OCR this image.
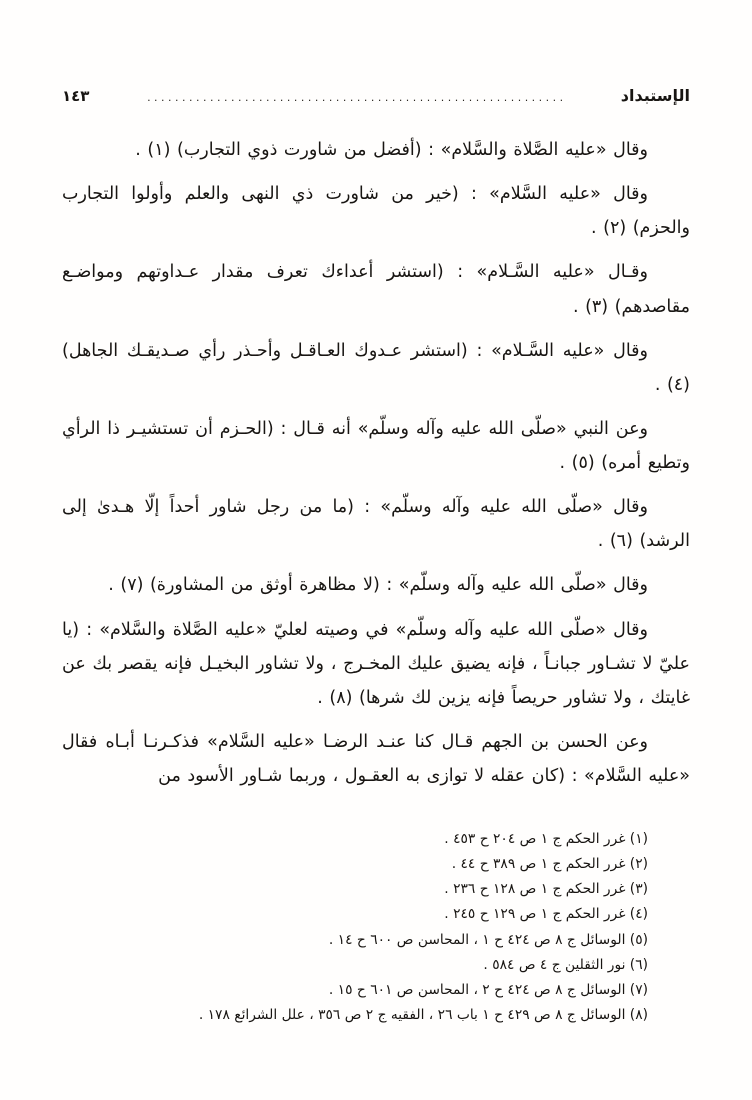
الإستبداد
. . . . . . . . . . . . . . . . . . . . . . . . . . . . . . . . . . . . . . . . . . . . . . . . . . . . . . . . . . . .
١٤٣

وقال «عليه الصَّلاة والسَّلام» : (أفضل من شاورت ذوي التجارب) (١) .

وقال «عليه السَّلام» : (خير من شاورت ذي النهى والعلم وأولوا التجارب والحزم) (٢) .

وقـال «عليه السَّـلام» : (استشر أعداءك تعرف مقدار عـداوتهم ومواضـع مقاصدهم) (٣) .

وقال «عليه السَّـلام» : (استشر عـدوك العـاقـل وأحـذر رأي صـديقـك الجاهل) (٤) .

وعن النبي «صلّى الله عليه وآله وسلّم» أنه قـال : (الحـزم أن تستشيـر ذا الرأي وتطيع أمره) (٥) .

وقال «صلّى الله عليه وآله وسلّم» : (ما من رجل شاور أحداً إلّا هـدىٰ إلى الرشد) (٦) .

وقال «صلّى الله عليه وآله وسلّم» : (لا مظاهرة أوثق من المشاورة) (٧) .

وقال «صلّى الله عليه وآله وسلّم» في وصيته لعليّ «عليه الصَّلاة والسَّلام» : (يا عليّ لا تشـاور جبانـاً ، فإنه يضيق عليك المخـرج ، ولا تشاور البخيـل فإنه يقصر بك عن غايتك ، ولا تشاور حريصاً فإنه يزين لك شرها) (٨) .

وعن الحسن بن الجهم قـال كنا عنـد الرضـا «عليه السَّلام» فذكـرنـا أبـاه فقال «عليه السَّلام» : (كان عقله لا توازى به العقـول ، وربما شـاور الأسود من

(١) غرر الحكم ج ١ ص ٢٠٤ ح ٤٥٣ .
(٢) غرر الحكم ج ١ ص ٣٨٩ ح ٤٤ .
(٣) غرر الحكم ج ١ ص ١٢٨ ح ٢٣٦ .
(٤) غرر الحكم ج ١ ص ١٢٩ ح ٢٤٥ .
(٥) الوسائل ج ٨ ص ٤٢٤ ح ١ ، المحاسن ص ٦٠٠ ح ١٤ .
(٦) نور الثقلين ج ٤ ص ٥٨٤ .
(٧) الوسائل ج ٨ ص ٤٢٤ ح ٢ ، المحاسن ص ٦٠١ ح ١٥ .
(٨) الوسائل ج ٨ ص ٤٢٩ ح ١ باب ٢٦ ، الفقيه ج ٢ ص ٣٥٦ ، علل الشرائع ١٧٨ .
